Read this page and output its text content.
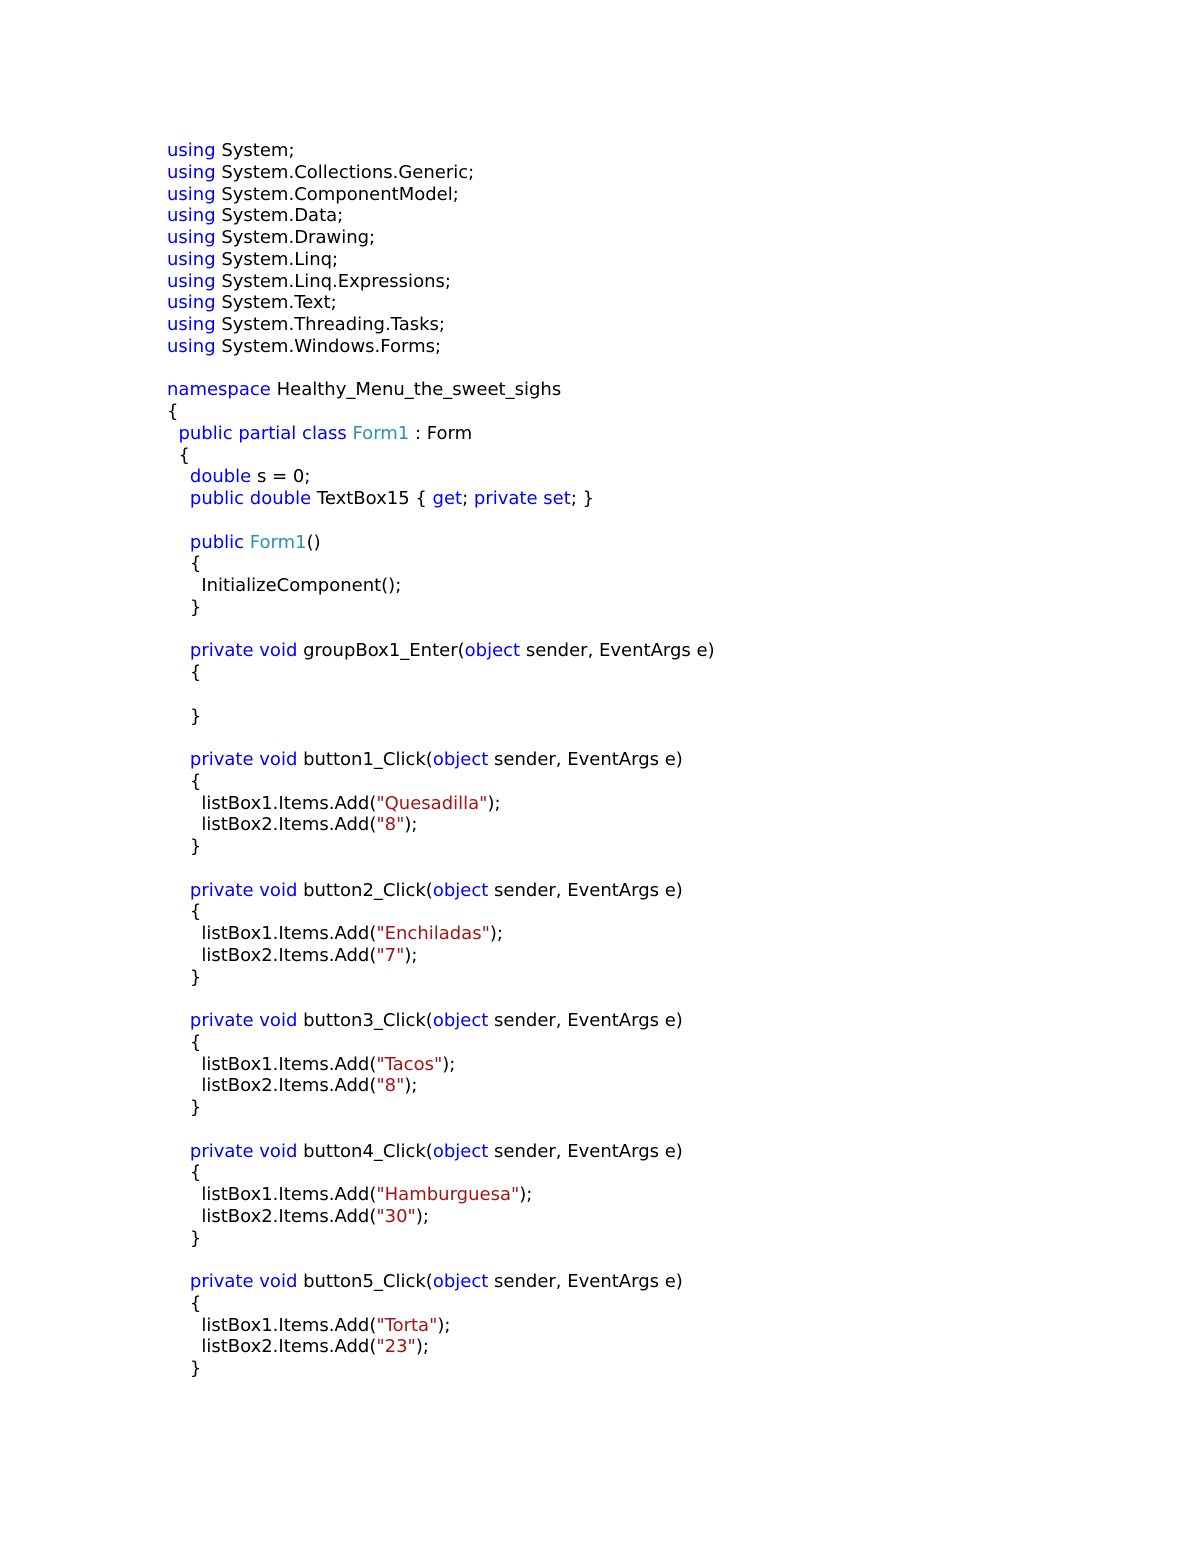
using System;
using System.Collections.Generic;
using System.ComponentModel;
using System.Data;
using System.Drawing;
using System.Linq;
using System.Linq.Expressions;
using System.Text;
using System.Threading.Tasks;
using System.Windows.Forms;
namespace Healthy_Menu_the_sweet_sighs
{
public partial class Form1 : Form
{
double s = 0;
public double TextBox15 { get; private set; }
public Form1()
{
InitializeComponent();
}
private void groupBox1_Enter(object sender, EventArgs e)
{
}
private void button1_Click(object sender, EventArgs e)
{
listBox1.Items.Add("Quesadilla");
listBox2.Items.Add("8");
}
private void button2_Click(object sender, EventArgs e)
{
listBox1.Items.Add("Enchiladas");
listBox2.Items.Add("7");
}
private void button3_Click(object sender, EventArgs e)
{
listBox1.Items.Add("Tacos");
listBox2.Items.Add("8");
}
private void button4_Click(object sender, EventArgs e)
{
listBox1.Items.Add("Hamburguesa");
listBox2.Items.Add("30");
}
private void button5_Click(object sender, EventArgs e)
{
listBox1.Items.Add("Torta");
listBox2.Items.Add("23");
}
